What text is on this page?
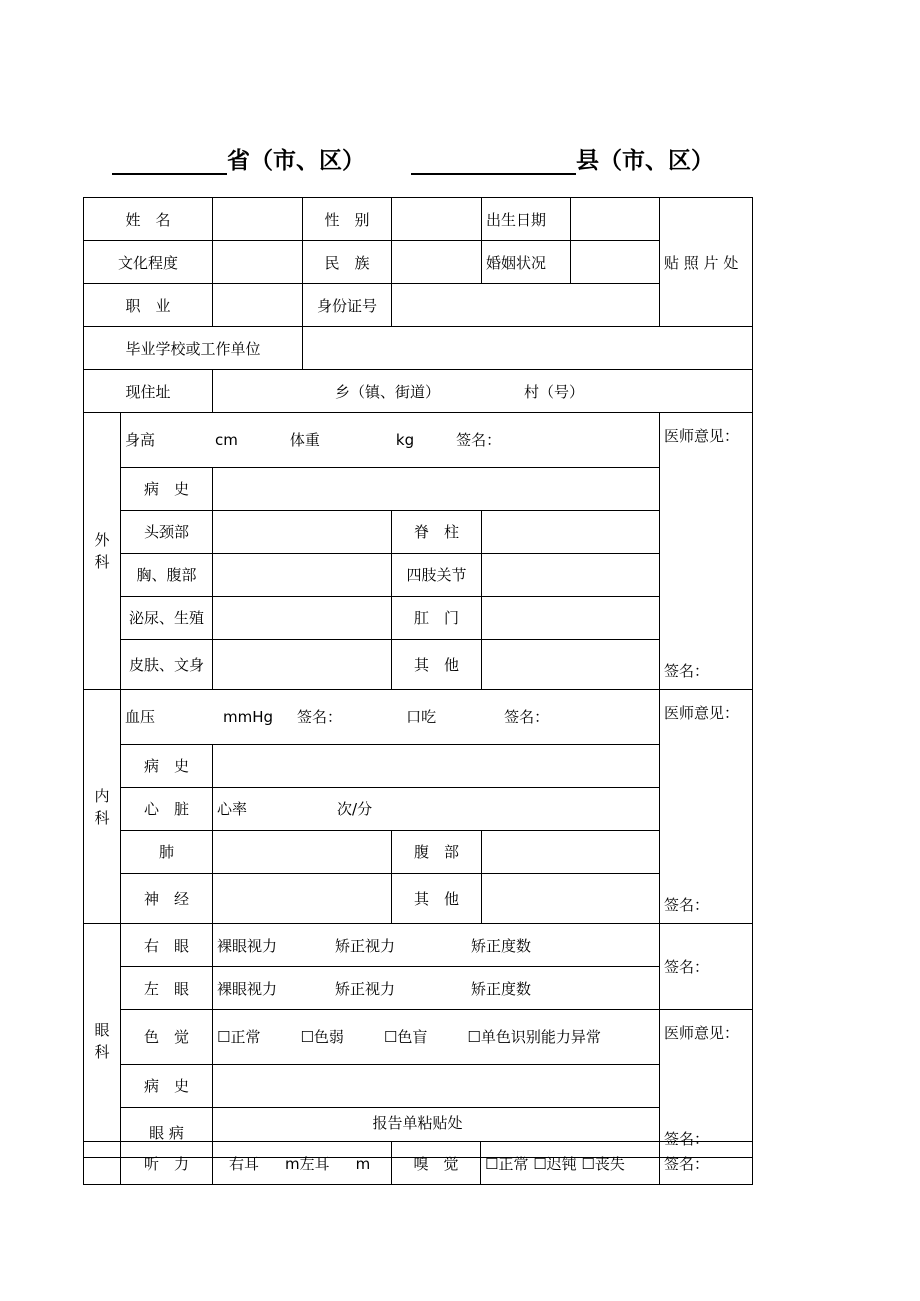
省（市、区）	县（市、区）
姓　名			性　别		出生日期		贴 照 片 处
文化程度			民　族		婚姻状况		
职　业			身份证号				
毕业学校或工作单位							
现住址		乡（镇、街道） 村（号）					
外
科	身高 cm 体重 kg 签名：						医师意见：
	病　史						
	头颈部			脊　柱			
	胸、腹部			四肢关节			
	泌尿、生殖			肛　门			
	皮肤、文身			其　他			签名：
内
科	血压 mmHg 签名： 口吃 签名：						医师意见：
	病　史						
	心　脏	心率 次/分					
	肺			腹　部			
	神　经			其　他			签名：
眼
科	右　眼	裸眼视力 矫正视力 矫正度数					签名：
	左　眼	裸眼视力 矫正视力 矫正度数					
	色　觉	☐正常 ☐色弱 ☐色盲 ☐单色识别能力异常					医师意见：
	病　史						
	眼 病						签名：
报告单粘贴处
	听　力	右耳 m左耳 m	嗅　觉	☐正常 ☐迟钝 ☐丧失	签名：
